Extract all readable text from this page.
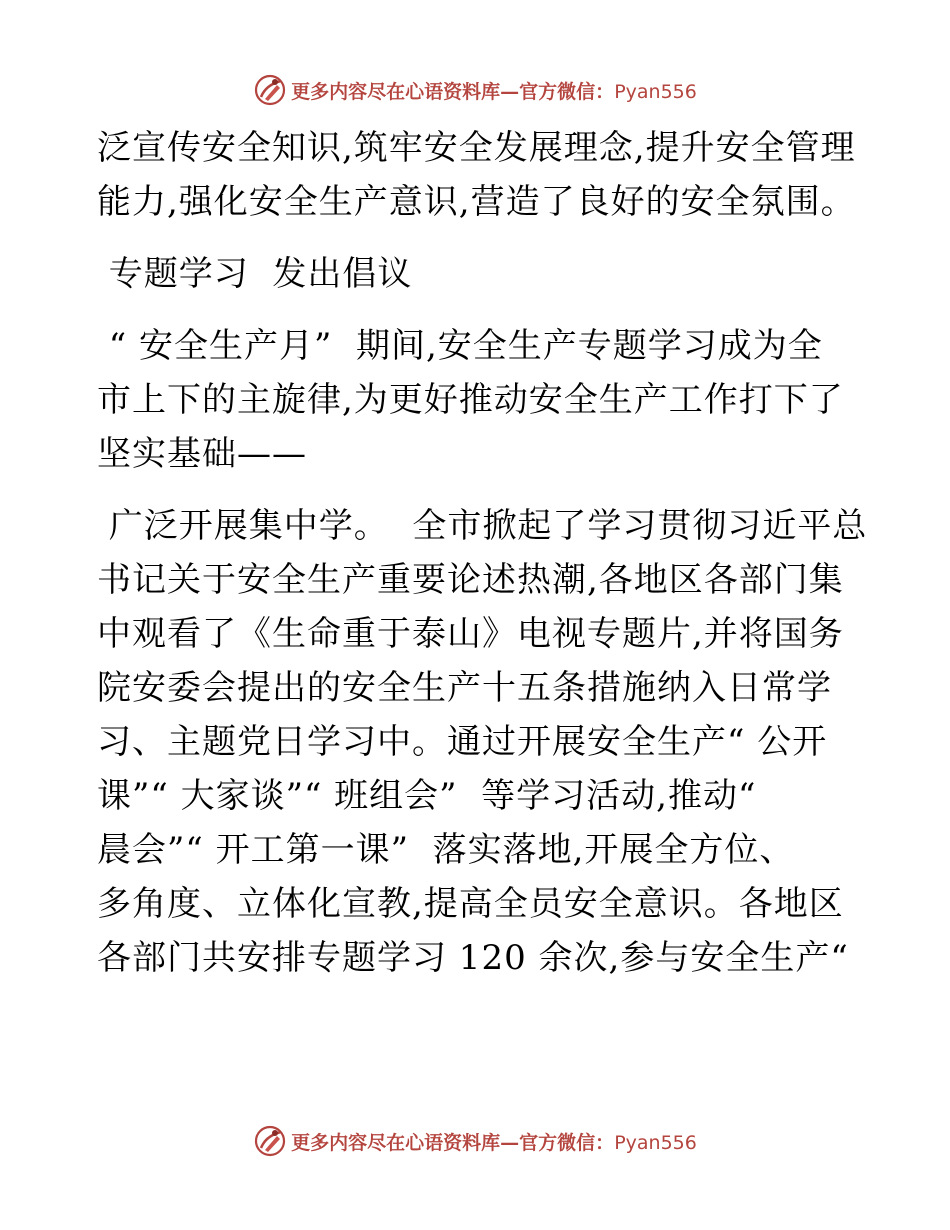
更多内容尽在心语资料库—官方微信：Pyan556
泛宣传安全知识,筑牢安全发展理念,提升安全管理
能力,强化安全生产意识,营造了良好的安全氛围。
专题学习  发出倡议
“ 安全生产月”  期间,安全生产专题学习成为全
市上下的主旋律,为更好推动安全生产工作打下了
坚实基础——
广泛开展集中学。  全市掀起了学习贯彻习近平总
书记关于安全生产重要论述热潮,各地区各部门集
中观看了《生命重于泰山》电视专题片,并将国务
院安委会提出的安全生产十五条措施纳入日常学
习、主题党日学习中。通过开展安全生产“ 公开
课”“ 大家谈”“ 班组会”  等学习活动,推动“
晨会”“ 开工第一课”  落实落地,开展全方位、
多角度、立体化宣教,提高全员安全意识。各地区
各部门共安排专题学习 120 余次,参与安全生产“
更多内容尽在心语资料库—官方微信：Pyan556
